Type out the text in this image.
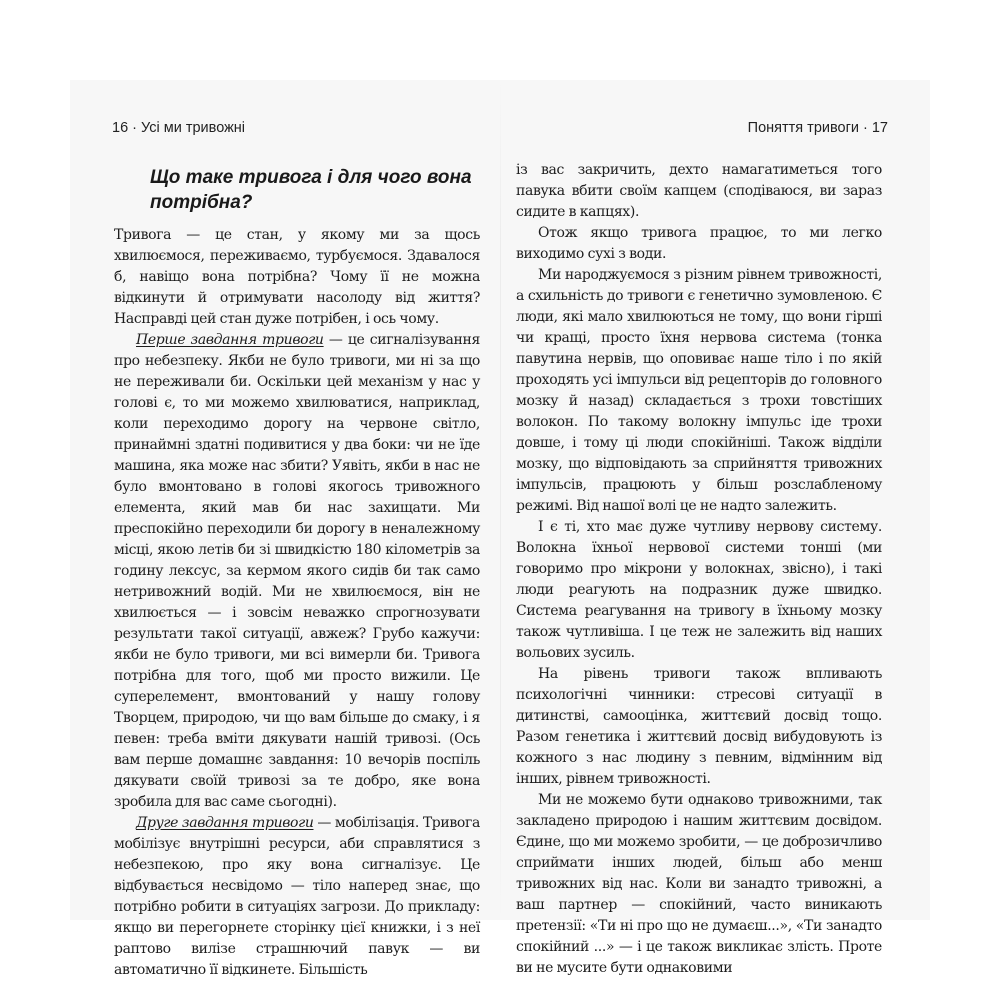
16 · Усі ми тривожні
Що таке тривога і для чого вона потрібна?

Тривога — це стан, у якому ми за щось хвилюємося, переживаємо, турбуємося. Здавалося б, навіщо вона потрібна? Чому її не можна відкинути й отримувати насолоду від життя? Насправді цей стан дуже потрібен, і ось чому.

Перше завдання тривоги — це сигналізування про небезпеку. Якби не було тривоги, ми ні за що не переживали би. Оскільки цей механізм у нас у голові є, то ми можемо хвилюватися, наприклад, коли переходимо дорогу на червоне світло, принаймні здатні подивитися у два боки: чи не їде машина, яка може нас збити? Уявіть, якби в нас не було вмонтовано в голові якогось тривожного елемента, який мав би нас захищати. Ми преспокійно переходили би дорогу в неналежному місці, якою летів би зі швидкістю 180 кілометрів за годину лексус, за кермом якого сидів би так само нетривожний водій. Ми не хвилюємося, він не хвилюється — і зовсім неважко спрогнозувати результати такої ситуації, авжеж? Грубо кажучи: якби не було тривоги, ми всі вимерли би. Тривога потрібна для того, щоб ми просто вижили. Це суперелемент, вмонтований у нашу голову Творцем, природою, чи що вам більше до смаку, і я певен: треба вміти дякувати нашій тривозі. (Ось вам перше домашнє завдання: 10 вечорів поспіль дякувати своїй тривозі за те добро, яке вона зробила для вас саме сьогодні).

Друге завдання тривоги — мобілізація. Тривога мобілізує внутрішні ресурси, аби справлятися з небезпекою, про яку вона сигналізує. Це відбувається несвідомо — тіло наперед знає, що потрібно робити в ситуаціях загрози. До прикладу: якщо ви перегорнете сторінку цієї книжки, і з неї раптово вилізе страшнючий павук — ви автоматично її відкинете. Більшість

Поняття тривоги · 17

із вас закричить, дехто намагатиметься того павука вбити своїм капцем (сподіваюся, ви зараз сидите в капцях).

Отож якщо тривога працює, то ми легко виходимо сухі з води.

Ми народжуємося з різним рівнем тривожності, а схильність до тривоги є генетично зумовленою. Є люди, які мало хвилюються не тому, що вони гірші чи кращі, просто їхня нервова система (тонка павутина нервів, що оповиває наше тіло і по якій проходять усі імпульси від рецепторів до головного мозку й назад) складається з трохи товстіших волокон. По такому волокну імпульс іде трохи довше, і тому ці люди спокійніші. Також відділи мозку, що відповідають за сприйняття тривожних імпульсів, працюють у більш розслабленому режимі. Від нашої волі це не надто залежить.

І є ті, хто має дуже чутливу нервову систему. Волокна їхньої нервової системи тонші (ми говоримо про мікрони у волокнах, звісно), і такі люди реагують на подразник дуже швидко. Система реагування на тривогу в їхньому мозку також чутливіша. І це теж не залежить від наших вольових зусиль.

На рівень тривоги також впливають психологічні чинники: стресові ситуації в дитинстві, самооцінка, життєвий досвід тощо. Разом генетика і життєвий досвід вибудовують із кожного з нас людину з певним, відмінним від інших, рівнем тривожності.

Ми не можемо бути однаково тривожними, так закладено природою і нашим життєвим досвідом. Єдине, що ми можемо зробити, — це доброзичливо сприймати інших людей, більш або менш тривожних від нас. Коли ви занадто тривожні, а ваш партнер — спокійний, часто виникають претензії: «Ти ні про що не думаєш...», «Ти занадто спокійний ...» — і це також викликає злість. Проте ви не мусите бути однаковими
